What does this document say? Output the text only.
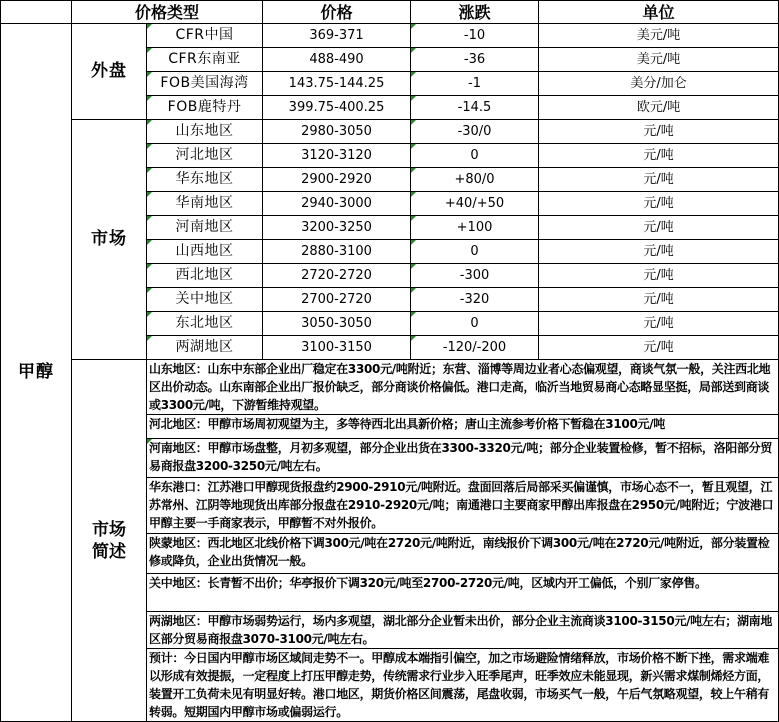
	价格类型		价格	涨跌	单位
甲醇	外盘	CFR中国	369-371	-10	美元/吨
		CFR东南亚	488-490	-36	美元/吨
		FOB美国海湾	143.75-144.25	-1	美分/加仑
		FOB鹿特丹	399.75-400.25	-14.5	欧元/吨
	市场	山东地区	2980-3050	-30/0	元/吨
		河北地区	3120-3120	0	元/吨
		华东地区	2900-2920	+80/0	元/吨
		华南地区	2940-3000	+40/+50	元/吨
		河南地区	3200-3250	+100	元/吨
		山西地区	2880-3100	0	元/吨
		西北地区	2720-2720	-300	元/吨
		关中地区	2700-2720	-320	元/吨
		东北地区	3050-3050	0	元/吨
		两湖地区	3100-3150	-120/-200	元/吨

	市场
简述	山东地区：山东中东部企业出厂稳定在3300元/吨附近；东营、淄博等周边业者心态偏观望，商谈气氛一般，关注西北地区出价动态。山东南部企业出厂报价缺乏，部分商谈价格偏低。港口走高，临沂当地贸易商心态略显坚挺，局部送到商谈或3300元/吨，下游暂维持观望。			
		河北地区：甲醇市场周初观望为主，多等待西北出具新价格；唐山主流参考价格下暂稳在3100元/吨			
		河南地区：甲醇市场盘整，月初多观望，部分企业出货在3300-3320元/吨；部分企业装置检修，暂不招标，洛阳部分贸易商报盘3200-3250元/吨左右。			
		华东港口：江苏港口甲醇现货报盘约2900-2910元/吨附近。盘面回落后局部采买偏谨慎，市场心态不一，暂且观望，江苏常州、江阴等地现货出库部分报盘在2910-2920元/吨；南通港口主要商家甲醇出库报盘在2950元/吨附近；宁波港口甲醇主要一手商家表示，甲醇暂不对外报价。			
		陕蒙地区：西北地区北线价格下调300元/吨在2720元/吨附近，南线报价下调300元/吨在2720元/吨附近，部分装置检修或降负，企业出货情况一般。			
		关中地区：长青暂不出价；华亭报价下调320元/吨至2700-2720元/吨，区域内开工偏低，个别厂家停售。			
		两湖地区：甲醇市场弱势运行，场内多观望，湖北部分企业暂未出价，部分企业主流商谈3100-3150元/吨左右；湖南地区部分贸易商报盘3070-3100元/吨左右。			
		预计：今日国内甲醇市场区域间走势不一。甲醇成本端指引偏空，加之市场避险情绪释放，市场价格不断下挫，需求端难以形成有效提振，一定程度上打压甲醇走势，传统需求行业步入旺季尾声，旺季效应未能显现，新兴需求煤制烯烃方面，装置开工负荷未见有明显好转。港口地区，期货价格区间震荡，尾盘收弱，市场买气一般，午后气氛略观望，较上午稍有转弱。短期国内甲醇市场或偏弱运行。			
